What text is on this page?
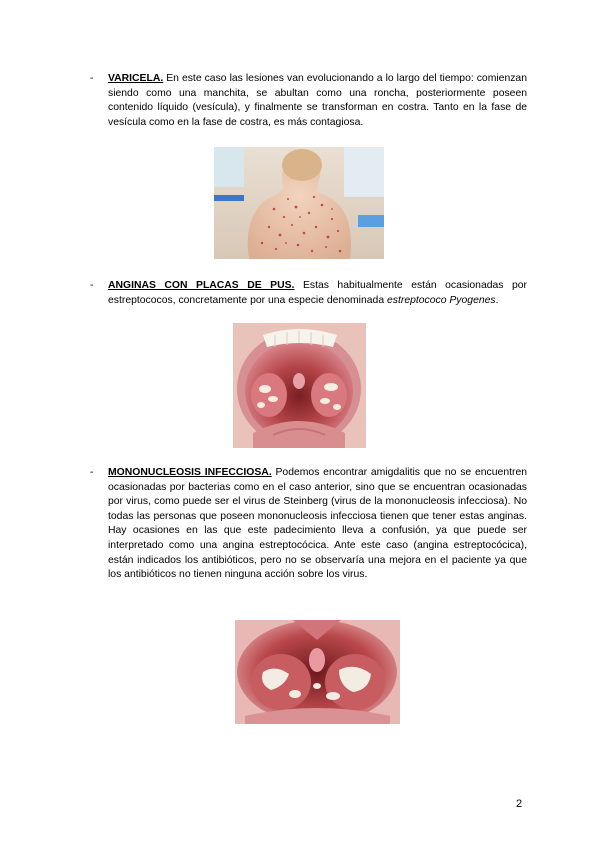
- VARICELA. En este caso las lesiones van evolucionando a lo largo del tiempo: comienzan siendo como una manchita, se abultan como una roncha, posteriormente poseen contenido líquido (vesícula), y finalmente se transforman en costra. Tanto en la fase de vesícula como en la fase de costra, es más contagiosa.

- ANGINAS CON PLACAS DE PUS. Estas habitualmente están ocasionadas por estreptococos, concretamente por una especie denominada estreptococo Pyogenes.

- MONONUCLEOSIS INFECCIOSA. Podemos encontrar amigdalitis que no se encuentren ocasionadas por bacterias como en el caso anterior, sino que se encuentran ocasionadas por virus, como puede ser el virus de Steinberg (virus de la mononucleosis infecciosa). No todas las personas que poseen mononucleosis infecciosa tienen que tener estas anginas. Hay ocasiones en las que este padecimiento lleva a confusión, ya que puede ser interpretado como una angina estreptocócica. Ante este caso (angina estreptocócica), están indicados los antibióticos, pero no se observaría una mejora en el paciente ya que los antibióticos no tienen ninguna acción sobre los virus.

2
